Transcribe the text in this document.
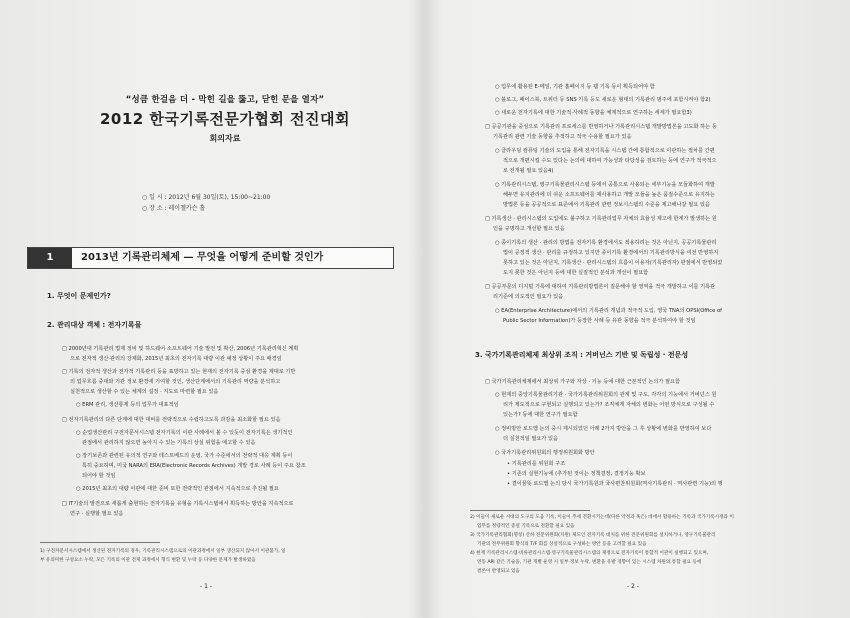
“성큼 한걸음 더 - 막힌 길을 뚫고, 닫힌 문을 열자”
2012 한국기록전문가협회 전진대회
회의자료
○ 일 시 : 2012년 6월 30일(토), 15:00~21:00
○ 장 소 : 레이첼카슨 홀
1	2013년 기록관리체제 — 무엇을 어떻게 준비할 것인가
1. 무엇이 문제인가?
2. 관리대상 객체 : 전자기록물
□ 2000년대 기록관리 법제 정비 및 하드웨어·소프트웨어 기술 발전 및 확산, 2006년 기록관리혁신 계획
으로 전자적 생산·관리의 강제화, 2015년 최초의 전자기록 대량 이관 예정 상황이 주요 배경임
□ 기록의 전자적 생산과 전자적 기록관리 등을 표방하고 있는 현재의 전자기록 중심 환경을 제대로 기반
의 업무흐름 중대와 기관 정보 환경에 기여할 것인, 생산단계에서의 기록관리 역량을 분석하고
실천적으로 생산할 수 있는 체계의 설정 · 지도로 마련할 필요 있음
○ ERM 관리, 생산통제 등의 업무가 대표적임
□ 전자기록관리의 다른 단계에 대한 대비를 전략적으로 수립하고도록 과감을 최소화할 필요 있음
○ 순업생산관리 구전자문서시스템 전자기록의 이관 사례에서 볼 수 있듯이 전자기록은 생기적인
관점에서 관리하지 않으면 높아지 수 있는 기록의 상실 위험을 예고할 수 있음
○ 장기보존과 관련된 유의적 연구와 테스트베드의 운영, 국가 수준에서의 전략적 대응 계획 등이
특히 중요하며, 미국 NARA의 ERA(Electronic Records Archives) 개발 경로 사례 등이 주요 참조
되어야 할 것임
○ 2015년 최초의 대량 이관에 대한 준비 또한 전략적인 관점에서 지속적으로 추진될 필요
□ IT기술의 발전으로 새롭게 출현하는 전자기록을 유형을 기록시스템에서 획득하는 방안을 지속적으로
연구 · 실행할 필요 있음
1) 구전자문서시스템에서 생산된 전자기록의 경우, 기록관리시스템으로의 이관과정에서 일부 생산되지 않아서 이관불가, 일
부 유의미한 구성요소 누락, 모든 기록의 이관 전제 과정에서 형식 변환 및 누락 등 다양한 문제가 발생하였음
- 1 -
○ 업무에 활용된 E-메일, 기관 홈페이지 등 웹 기록 등이 획득되어야 함
○ 블로그, 페이스북, 트위터 등 SNS 기록 등도 새로운 형태의 기록관리 범주에 포함시켜야 함2)
○ 새로운 전자기록에 대한 기술적·사례적 동향을 체계적으로 연구하는 세세가 필요함3)
□ 공공기관을 중심으로 기록관리 프로세스를 반영하거나 기록관리시스템 개발방법론을 고도화 하는 등
기록관리 관련 기술 동향을 추적하고 적극 수용할 필요가 있음
○ 클라우딩 컴퓨팅 기술의 도입을 통해 전자기록을 시스템 간에 통합적으로 이관하는 절차를 간편
적으로 개편시킬 수도 있다는 논의에 대하여 가능성과 타당성을 검토하는 등에 연구가 적극적으
로 전개될 필요 있음4)
○ 기록관리시스템, 영구기록물관리시스템 등에서 공통으로 사용되는 세부기능을 모듈화하여 개발
해두면 유지관리에 더 쉬운 소프트웨어를 재사용하고 개발 모듈을 높은 품질수준으로 유지하는
방법론 등을 공공적으로 표준에서 기록관리 관련 정보시스템의 수준을 제고해나갈 필요 있음
□ 기록생산 · 관리시스템의 도입에도 불구하고 기록관리업무 자체의 효율성 제고에 한계가 발생하는 원
인을 규명하고 개선할 필요 있음
○ 종이기록의 생산 · 관리의 방법을 전자기록 환경에서도 적용하려는 것은 아닌지, 공공기록물관리
법이 공정적 생산 · 관리를 규정하고 있지만 종이기록 환경에서의 기록관리방식을 여전 반영하지
못하고 있는 것은 아닌지, 기록생산 · 관리시스템의 흐름이 이용자(기록관리자) 관점에서 반영되었
도지 못한 것은 아닌지 등에 대한 실질적인 분석과 개선이 필요함
□ 공공부문의 디지털 기록에 대하여 기록관리방법론이 질문해야 할 영역을 적극 개발하고 이를 기록관
리기준에 의도적인 필요가 있음
○ EA(Enterprise Architecture)에서의 기록관리 개념과 적극적 도입, 영국 TNA의 OPSI(Office of
Public Sector Information)가 등장한 사례 등 유관 동향을 적극 분석하여야 할 것임
3. 국가기록관리체제 최상위 조직 : 거버넌스 기반 및 독립성 · 전문성
□ 국가기록관리체제에서 최상위 가구와 자상 · 기능 등에 대한 근본적인 논의가 필요함
○ 현재의 중앙기록물관리기관 · 국가기록관리위원회의 관계 및 구도, 각각의 기능에서 거버넌스 원
리가 제도적으로 구현되고 실행되고 있는가? 조직체계 자체의 변화는 어떤 방식으로 구성될 수
있는가? 등에 대한 연구가 필요함
○ 정비방안 로드맵 논의 중시 제시되었던 아래 2가지 방안을 그 후 상황에 변화를 반영하여 보다
더 실천적일 필요가 있음
○ 국가기록관리위원회의 행정위원회화 방안
• 기록관리를 위원회 구조
• 기존의 실현기능에 (추가된 것이는 정책결정, 결정기능 확보
• 결이꿈뜻 로드맵 논의 당시 국가기록원과 국사편찬위원회(역사기록관리 · 역사관련 기능)의 행
2) 이들이 새로운 시대의 도구의 도움 기록, 이들이 추세 전환시키는데(다른 약정과 혹은) 데에서 활용하는 기록과 국가기록시정과 이
업무를 정량적인 증설 기록으로 전환할 필요 있음
3) 국가기록관리협회(명칭) 산하 전문위원회(지원) 제도인 전자기록 대처를 위한 전문위원회를 설치하거나, 영구기록물관리
기관의 전무위원회 향식의 T/F 회를 상설적으로 구성하는 방안 등을 고려할 필요 있음
4) 현재 기록관리시스템·비류관리시스템·영구기록물관리시스템의 제정으로 전자기록이 통합적 이관이 실행되고 있으며,
연동 API 같은 기술을, 기관 개별 운영 시 일부 정보 누락, 변환을 유발 경향이 있는 시스템 차원의 통합 필요 등에
결론이 반영되고 있음
- 2 -
